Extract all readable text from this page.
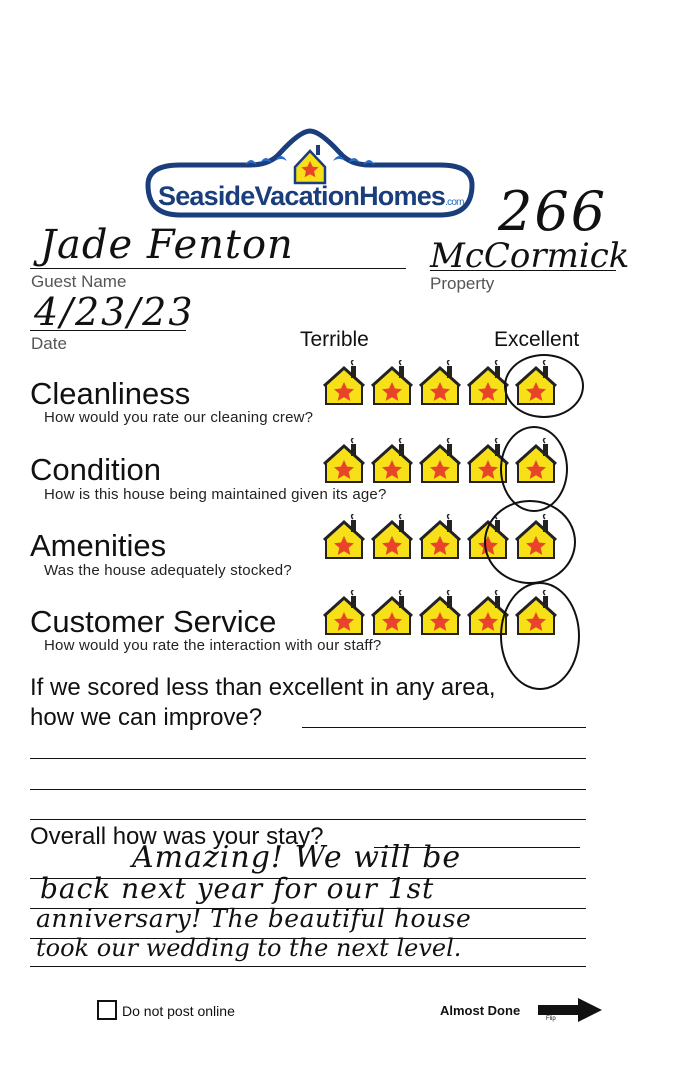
SeasideVacationHomes.com 266
Jade Fenton
Guest Name
McCormick
Property
4/23/23
Date	Terrible	Excellent
Cleanliness
How would you rate our cleaning crew?
Condition
How is this house being maintained given its age?
Amenities
Was the house adequately stocked?
Customer Service
How would you rate the interaction with our staff?
If we scored less than excellent in any area,
how we can improve?
Overall how was your stay?
Amazing! We will be
back next year for our 1st
anniversary! The beautiful house
took our wedding to the next level.
Do not post online	Almost Done
Flip
